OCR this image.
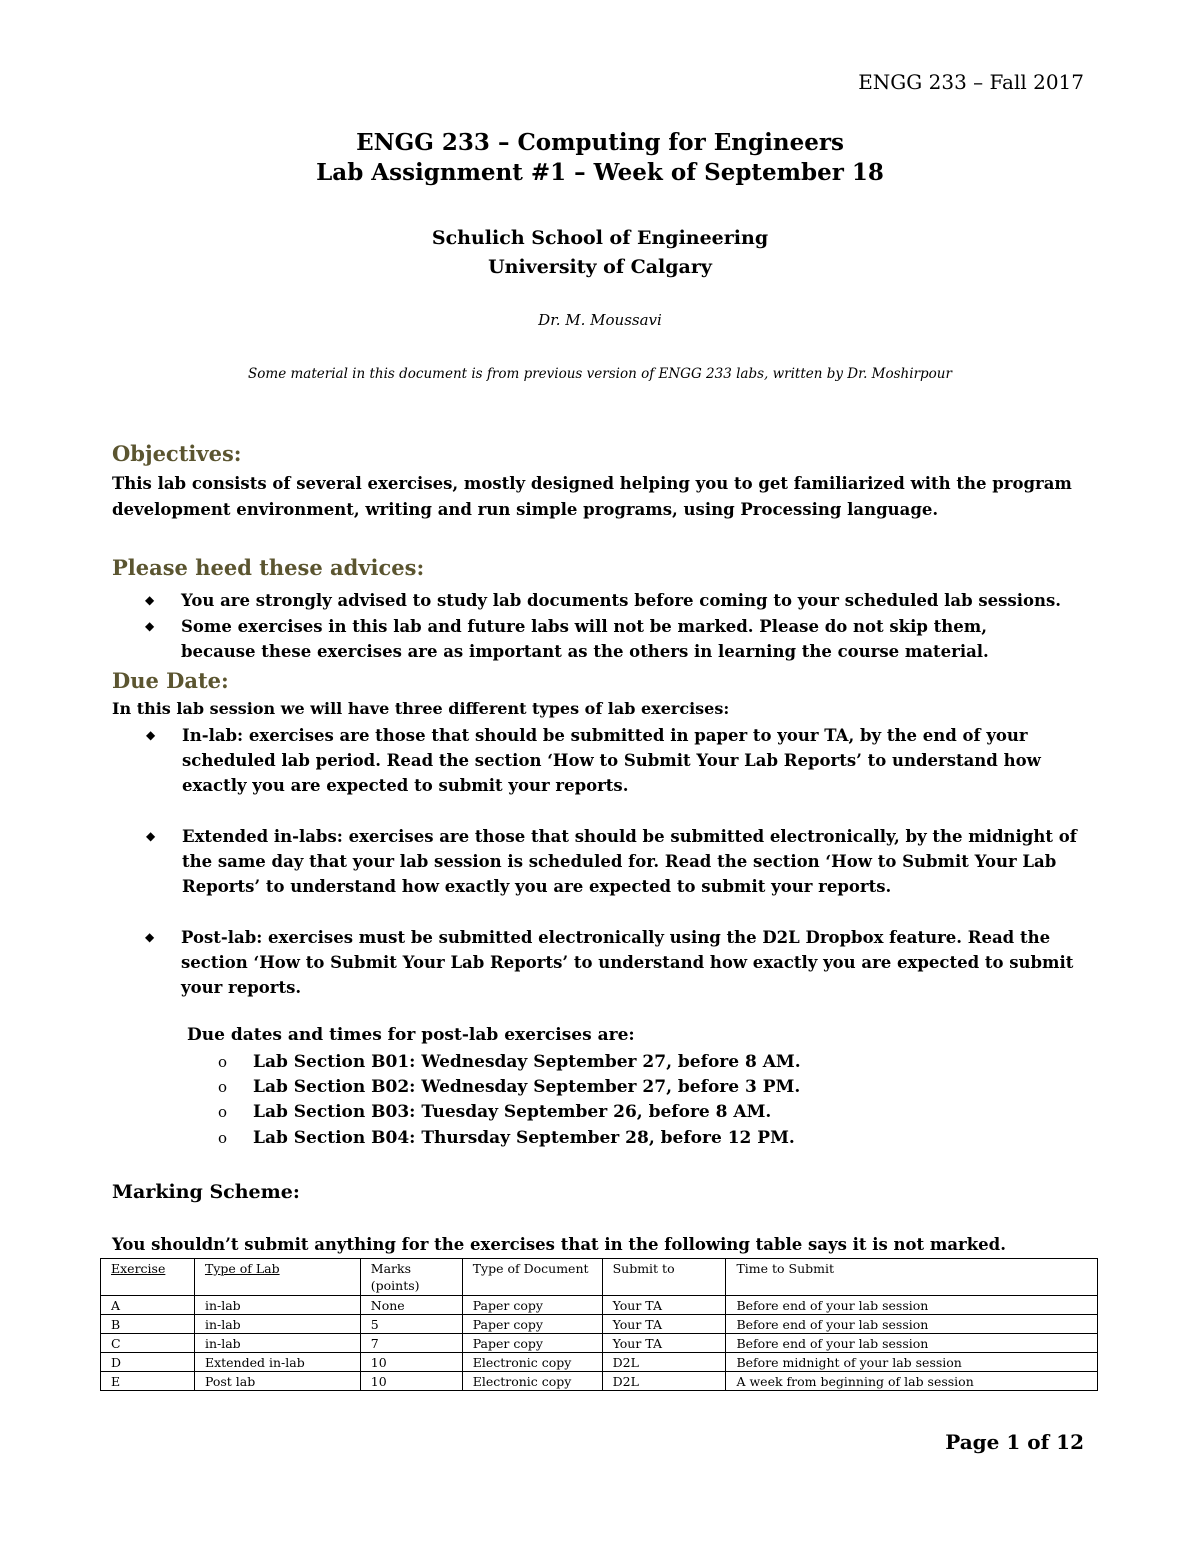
ENGG 233 – Fall 2017
ENGG 233 – Computing for Engineers
Lab Assignment #1 – Week of September 18
Schulich School of Engineering
University of Calgary
Dr. M. Moussavi
Some material in this document is from previous version of ENGG 233 labs, written by Dr. Moshirpour
Objectives:
This lab consists of several exercises, mostly designed helping you to get familiarized with the program development environment, writing and run simple programs, using Processing language.
Please heed these advices:
◆ You are strongly advised to study lab documents before coming to your scheduled lab sessions.
◆ Some exercises in this lab and future labs will not be marked. Please do not skip them, because these exercises are as important as the others in learning the course material.
Due Date:
In this lab session we will have three different types of lab exercises:
◆ In-lab: exercises are those that should be submitted in paper to your TA, by the end of your scheduled lab period. Read the section ‘How to Submit Your Lab Reports’ to understand how exactly you are expected to submit your reports.
◆ Extended in-labs: exercises are those that should be submitted electronically, by the midnight of the same day that your lab session is scheduled for. Read the section ‘How to Submit Your Lab Reports’ to understand how exactly you are expected to submit your reports.
◆ Post-lab: exercises must be submitted electronically using the D2L Dropbox feature. Read the section ‘How to Submit Your Lab Reports’ to understand how exactly you are expected to submit your reports.
Due dates and times for post-lab exercises are:
o Lab Section B01: Wednesday September 27, before 8 AM.
o Lab Section B02: Wednesday September 27, before 3 PM.
o Lab Section B03: Tuesday September 26, before 8 AM.
o Lab Section B04: Thursday September 28, before 12 PM.
Marking Scheme:
You shouldn’t submit anything for the exercises that in the following table says it is not marked.
Exercise	Type of Lab	Marks (points)	Type of Document	Submit to	Time to Submit
A	in-lab	None	Paper copy	Your TA	Before end of your lab session
B	in-lab	5	Paper copy	Your TA	Before end of your lab session
C	in-lab	7	Paper copy	Your TA	Before end of your lab session
D	Extended in-lab	10	Electronic copy	D2L	Before midnight of your lab session
E	Post lab	10	Electronic copy	D2L	A week from beginning of lab session
Page 1 of 12
